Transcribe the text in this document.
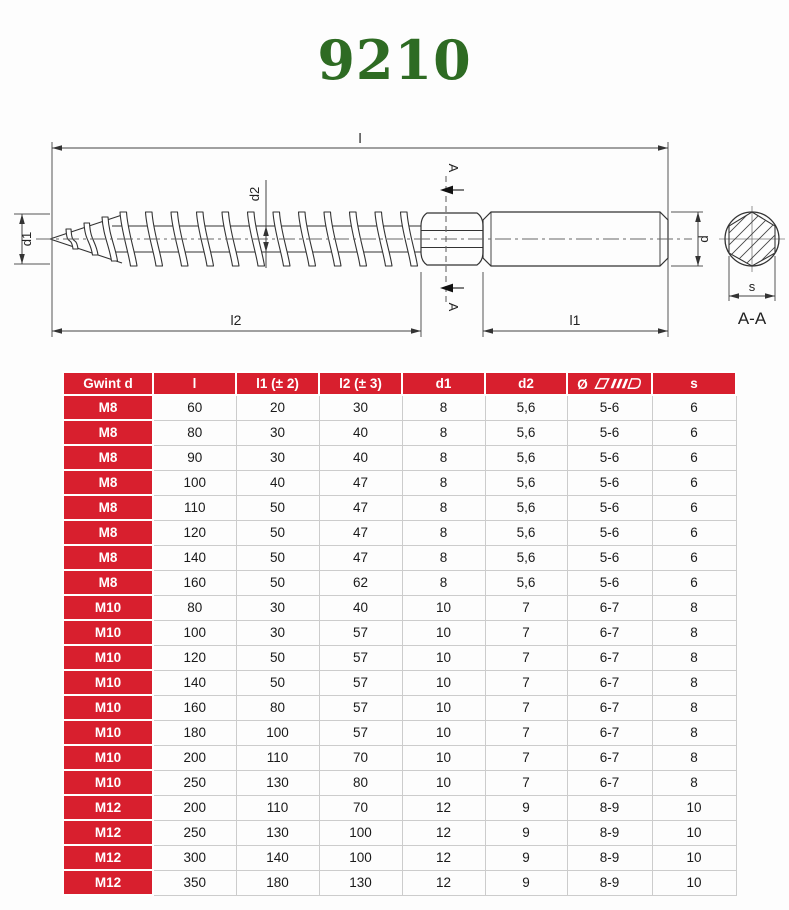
9210
l
A
A
d1
d2
d
l2	l1
s
A-A
Gwint d	l	l1 (± 2)	l2 (± 3)	d1	d2	Ø	s
M8	60	20	30	8	5,6	5-6	6
M8	80	30	40	8	5,6	5-6	6
M8	90	30	40	8	5,6	5-6	6
M8	100	40	47	8	5,6	5-6	6
M8	110	50	47	8	5,6	5-6	6
M8	120	50	47	8	5,6	5-6	6
M8	140	50	47	8	5,6	5-6	6
M8	160	50	62	8	5,6	5-6	6
M10	80	30	40	10	7	6-7	8
M10	100	30	57	10	7	6-7	8
M10	120	50	57	10	7	6-7	8
M10	140	50	57	10	7	6-7	8
M10	160	80	57	10	7	6-7	8
M10	180	100	57	10	7	6-7	8
M10	200	110	70	10	7	6-7	8
M10	250	130	80	10	7	6-7	8
M12	200	110	70	12	9	8-9	10
M12	250	130	100	12	9	8-9	10
M12	300	140	100	12	9	8-9	10
M12	350	180	130	12	9	8-9	10
